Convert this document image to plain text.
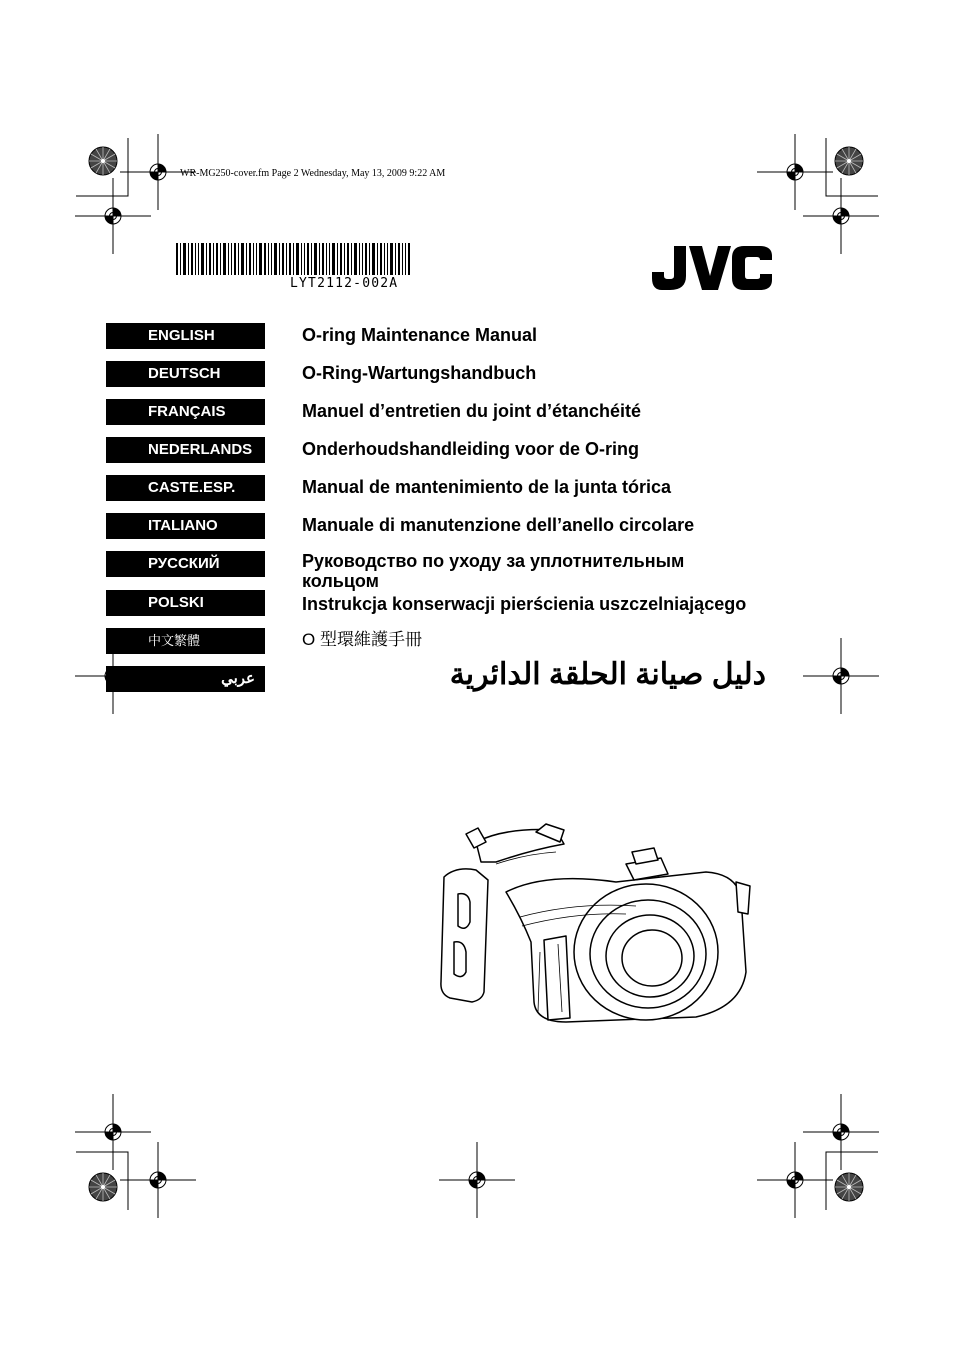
WR-MG250-cover.fm Page 2 Wednesday, May 13, 2009 9:22 AM
LYT2112-002A
ENGLISH	O-ring Maintenance Manual
DEUTSCH	O-Ring-Wartungshandbuch
FRANÇAIS	Manuel d’entretien du joint d’étanchéité
NEDERLANDS	Onderhoudshandleiding voor de O-ring
CASTE.ESP.	Manual de mantenimiento de la junta tórica
ITALIANO	Manuale di manutenzione dell’anello circolare
РУССКИЙ	Руководство по уходу за уплотнительным
кольцом
POLSKI	Instrukcja konserwacji pierścienia uszczelniającego
中文繁體	O 型環維護手冊
عربي	دليل صيانة الحلقة الدائرية
